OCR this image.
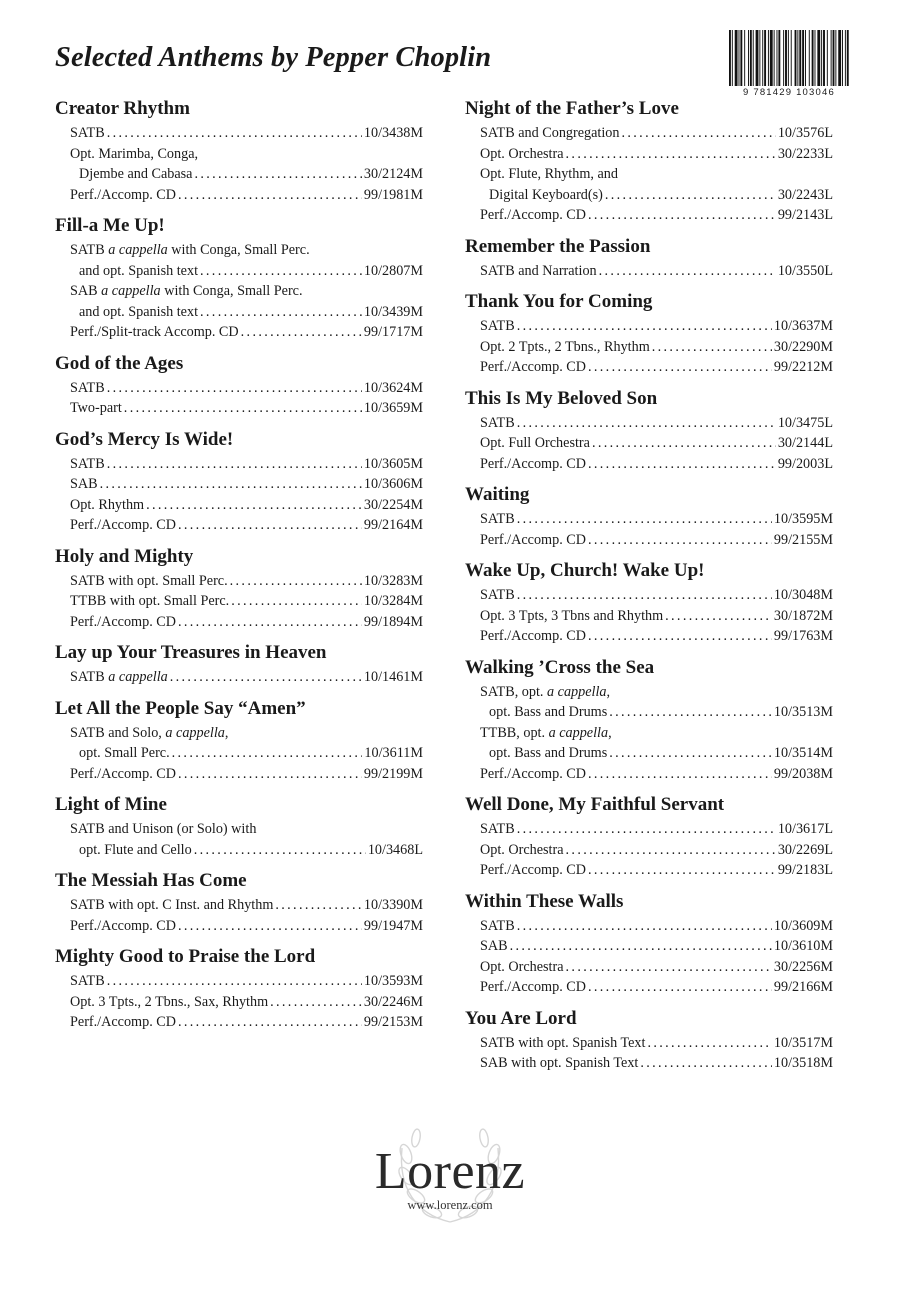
Selected Anthems by Pepper Choplin
9 781429 103046
Creator Rhythm
SATB . . .	10/3438M
Opt. Marimba, Conga,
Djembe and Cabasa . . .	30/2124M
Perf./Accomp. CD . . .	99/1981M
Fill-a Me Up!
SATB a cappella with Conga, Small Perc.
and opt. Spanish text . . .	10/2807M
SAB a cappella with Conga, Small Perc.
and opt. Spanish text . . .	10/3439M
Perf./Split-track Accomp. CD . . .	99/1717M
God of the Ages
SATB . . .	10/3624M
Two-part . . .	10/3659M
God’s Mercy Is Wide!
SATB . . .	10/3605M
SAB . . .	10/3606M
Opt. Rhythm . . .	30/2254M
Perf./Accomp. CD . . .	99/2164M
Holy and Mighty
SATB with opt. Small Perc. . . .	10/3283M
TTBB with opt. Small Perc. . . .	10/3284M
Perf./Accomp. CD . . .	99/1894M
Lay up Your Treasures in Heaven
SATB a cappella . . .	10/1461M
Let All the People Say “Amen”
SATB and Solo, a cappella,
opt. Small Perc. . . .	10/3611M
Perf./Accomp. CD . . .	99/2199M
Light of Mine
SATB and Unison (or Solo) with
opt. Flute and Cello . . .	10/3468L
The Messiah Has Come
SATB with opt. C Inst. and Rhythm . . .	10/3390M
Perf./Accomp. CD . . .	99/1947M
Mighty Good to Praise the Lord
SATB . . .	10/3593M
Opt. 3 Tpts., 2 Tbns., Sax, Rhythm . . .	30/2246M
Perf./Accomp. CD . . .	99/2153M
Night of the Father’s Love
SATB and Congregation . . .	10/3576L
Opt. Orchestra . . .	30/2233L
Opt. Flute, Rhythm, and
Digital Keyboard(s) . . .	30/2243L
Perf./Accomp. CD . . .	99/2143L
Remember the Passion
SATB and Narration . . .	10/3550L
Thank You for Coming
SATB . . .	10/3637M
Opt. 2 Tpts., 2 Tbns., Rhythm . . .	30/2290M
Perf./Accomp. CD . . .	99/2212M
This Is My Beloved Son
SATB . . .	10/3475L
Opt. Full Orchestra . . .	30/2144L
Perf./Accomp. CD . . .	99/2003L
Waiting
SATB . . .	10/3595M
Perf./Accomp. CD . . .	99/2155M
Wake Up, Church! Wake Up!
SATB . . .	10/3048M
Opt. 3 Tpts, 3 Tbns and Rhythm . . .	30/1872M
Perf./Accomp. CD . . .	99/1763M
Walking ’Cross the Sea
SATB, opt. a cappella,
opt. Bass and Drums . . .	10/3513M
TTBB, opt. a cappella,
opt. Bass and Drums . . .	10/3514M
Perf./Accomp. CD . . .	99/2038M
Well Done, My Faithful Servant
SATB . . .	10/3617L
Opt. Orchestra . . .	30/2269L
Perf./Accomp. CD . . .	99/2183L
Within These Walls
SATB . . .	10/3609M
SAB . . .	10/3610M
Opt. Orchestra . . .	30/2256M
Perf./Accomp. CD . . .	99/2166M
You Are Lord
SATB with opt. Spanish Text . . .	10/3517M
SAB with opt. Spanish Text . . .	10/3518M
Lorenz
www.lorenz.com
